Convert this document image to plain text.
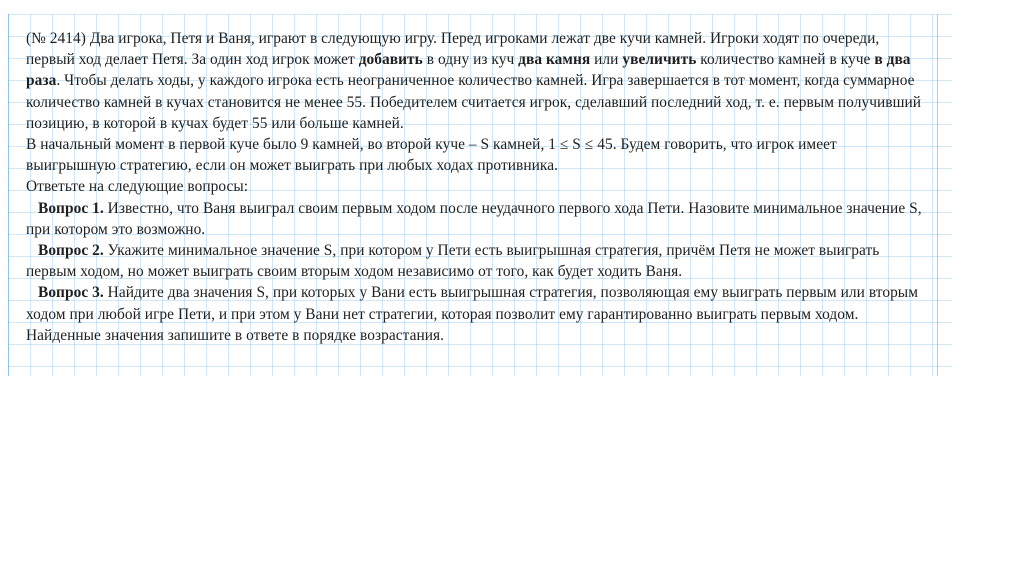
(№ 2414) Два игрока, Петя и Ваня, играют в следующую игру. Перед игроками лежат две кучи камней. Игроки ходят по очереди, первый ход делает Петя. За один ход игрок может добавить в одну из куч два камня или увеличить количество камней в куче в два раза. Чтобы делать ходы, у каждого игрока есть неограниченное количество камней. Игра завершается в тот момент, когда суммарное количество камней в кучах становится не менее 55. Победителем считается игрок, сделавший последний ход, т. е. первым получивший позицию, в которой в кучах будет 55 или больше камней.

В начальный момент в первой куче было 9 камней, во второй куче – S камней, 1 ≤ S ≤ 45. Будем говорить, что игрок имеет выигрышную стратегию, если он может выиграть при любых ходах противника.

Ответьте на следующие вопросы:

Вопрос 1. Известно, что Ваня выиграл своим первым ходом после неудачного первого хода Пети. Назовите минимальное значение S, при котором это возможно.

Вопрос 2. Укажите минимальное значение S, при котором у Пети есть выигрышная стратегия, причём Петя не может выиграть первым ходом, но может выиграть своим вторым ходом независимо от того, как будет ходить Ваня.

Вопрос 3. Найдите два значения S, при которых у Вани есть выигрышная стратегия, позволяющая ему выиграть первым или вторым ходом при любой игре Пети, и при этом у Вани нет стратегии, которая позволит ему гарантированно выиграть первым ходом. Найденные значения запишите в ответе в порядке возрастания.
